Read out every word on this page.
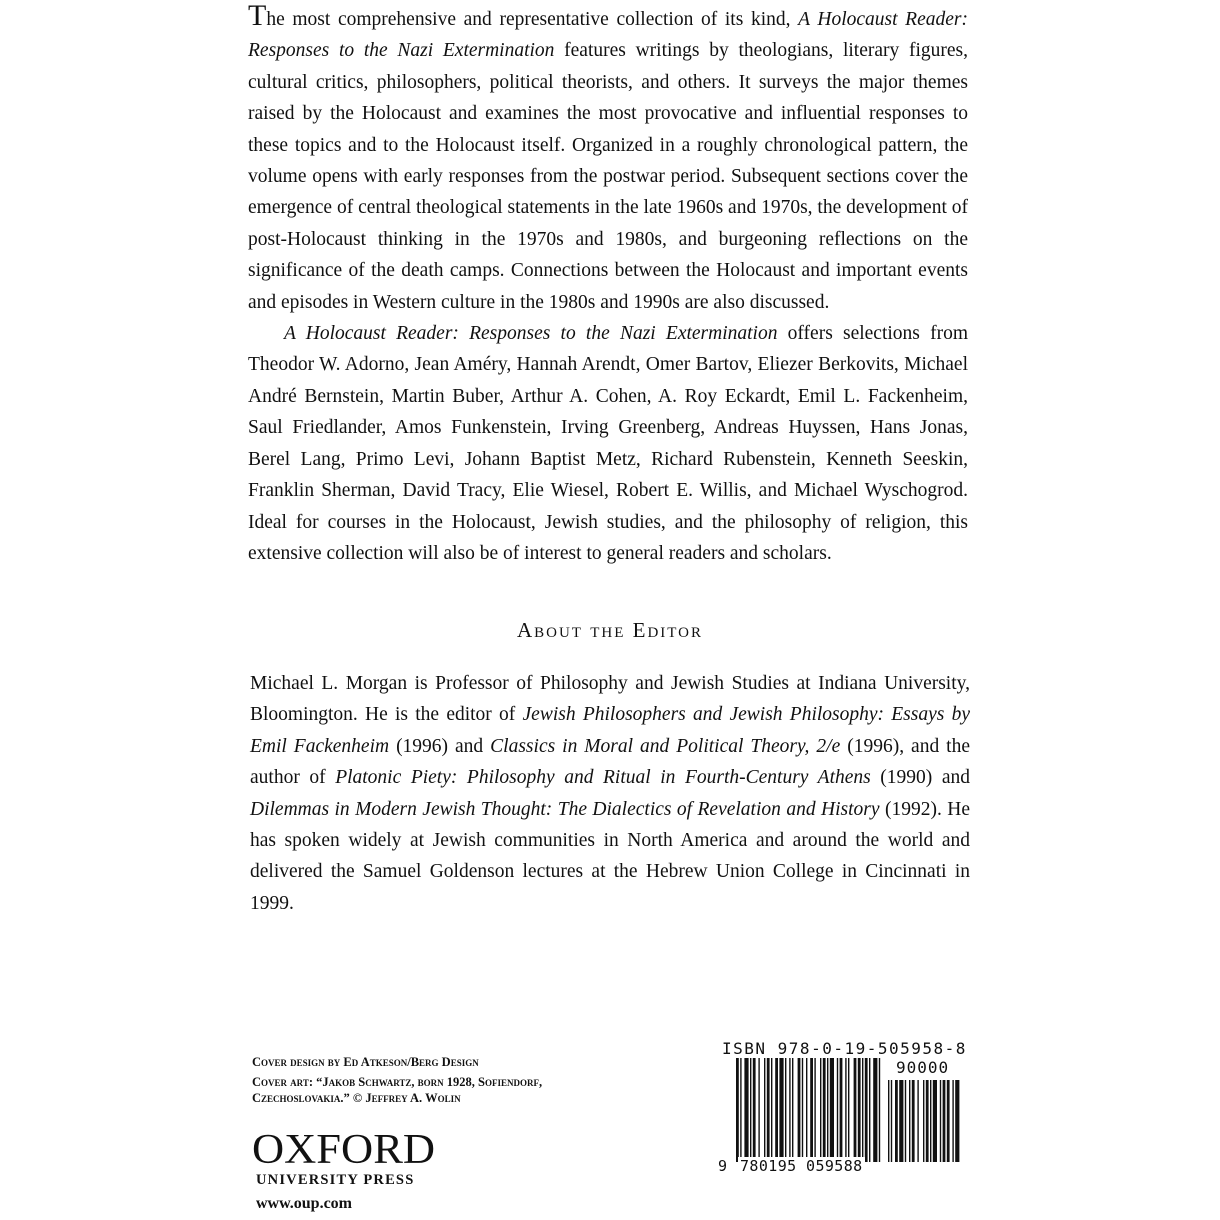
The most comprehensive and representative collection of its kind, A Holocaust Reader: Responses to the Nazi Extermination features writings by theologians, literary figures, cultural critics, philosophers, political theorists, and others. It surveys the major themes raised by the Holocaust and examines the most provocative and influential responses to these topics and to the Holocaust itself. Organized in a roughly chronological pattern, the volume opens with early responses from the postwar period. Subsequent sections cover the emergence of central theological statements in the late 1960s and 1970s, the development of post-Holocaust thinking in the 1970s and 1980s, and burgeoning reflections on the significance of the death camps. Connections between the Holocaust and important events and episodes in Western culture in the 1980s and 1990s are also discussed.

A Holocaust Reader: Responses to the Nazi Extermination offers selections from Theodor W. Adorno, Jean Améry, Hannah Arendt, Omer Bartov, Eliezer Berkovits, Michael André Bernstein, Martin Buber, Arthur A. Cohen, A. Roy Eckardt, Emil L. Fackenheim, Saul Friedlander, Amos Funkenstein, Irving Greenberg, Andreas Huyssen, Hans Jonas, Berel Lang, Primo Levi, Johann Baptist Metz, Richard Rubenstein, Kenneth Seeskin, Franklin Sherman, David Tracy, Elie Wiesel, Robert E. Willis, and Michael Wyschogrod. Ideal for courses in the Holocaust, Jewish studies, and the philosophy of religion, this extensive collection will also be of interest to general readers and scholars.

About the Editor

Michael L. Morgan is Professor of Philosophy and Jewish Studies at Indiana University, Bloomington. He is the editor of Jewish Philosophers and Jewish Philosophy: Essays by Emil Fackenheim (1996) and Classics in Moral and Political Theory, 2/e (1996), and the author of Platonic Piety: Philosophy and Ritual in Fourth-Century Athens (1990) and Dilemmas in Modern Jewish Thought: The Dialectics of Revelation and History (1992). He has spoken widely at Jewish communities in North America and around the world and delivered the Samuel Goldenson lectures at the Hebrew Union College in Cincinnati in 1999.

Cover design by Ed Atkeson/Berg Design
Cover art: “Jakob Schwartz, born 1928, Sofiendorf,
Czechoslovakia.” © Jeffrey A. Wolin
OXFORD
UNIVERSITY PRESS
www.oup.com
ISBN 978-0-19-505958-8
90000
9 780195 059588
